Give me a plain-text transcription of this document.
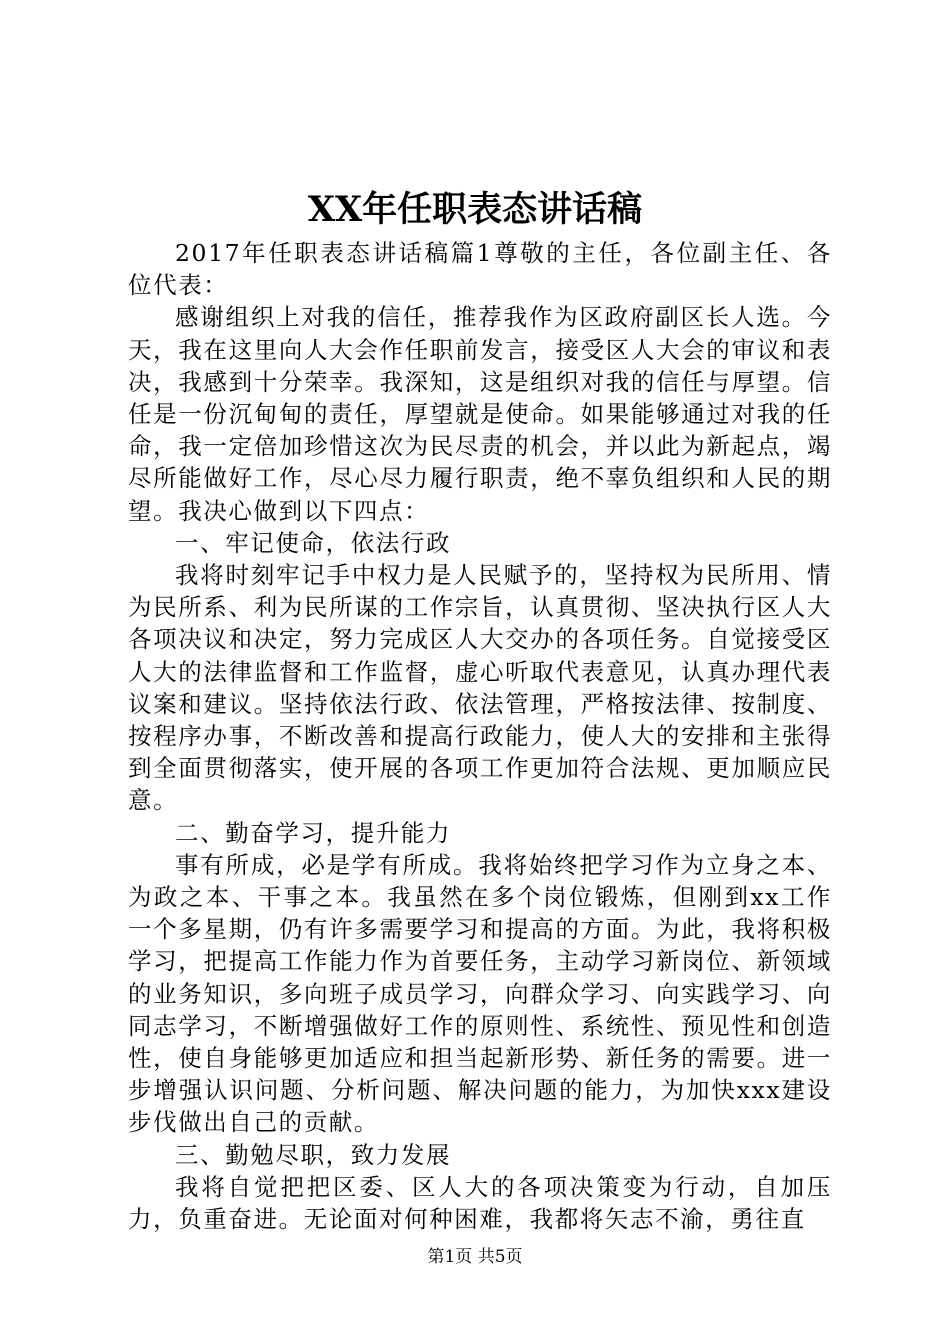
XX年任职表态讲话稿

2017年任职表态讲话稿篇1尊敬的主任，各位副主任、各位代表：

感谢组织上对我的信任，推荐我作为区政府副区长人选。今天，我在这里向人大会作任职前发言，接受区人大会的审议和表决，我感到十分荣幸。我深知，这是组织对我的信任与厚望。信任是一份沉甸甸的责任，厚望就是使命。如果能够通过对我的任命，我一定倍加珍惜这次为民尽责的机会，并以此为新起点，竭尽所能做好工作，尽心尽力履行职责，绝不辜负组织和人民的期望。我决心做到以下四点：

一、牢记使命，依法行政

我将时刻牢记手中权力是人民赋予的，坚持权为民所用、情为民所系、利为民所谋的工作宗旨，认真贯彻、坚决执行区人大各项决议和决定，努力完成区人大交办的各项任务。自觉接受区人大的法律监督和工作监督，虚心听取代表意见，认真办理代表议案和建议。坚持依法行政、依法管理，严格按法律、按制度、按程序办事，不断改善和提高行政能力，使人大的安排和主张得到全面贯彻落实，使开展的各项工作更加符合法规、更加顺应民意。

二、勤奋学习，提升能力

事有所成，必是学有所成。我将始终把学习作为立身之本、为政之本、干事之本。我虽然在多个岗位锻炼，但刚到xx工作一个多星期，仍有许多需要学习和提高的方面。为此，我将积极学习，把提高工作能力作为首要任务，主动学习新岗位、新领域的业务知识，多向班子成员学习，向群众学习、向实践学习、向同志学习，不断增强做好工作的原则性、系统性、预见性和创造性，使自身能够更加适应和担当起新形势、新任务的需要。进一步增强认识问题、分析问题、解决问题的能力，为加快xxx建设步伐做出自己的贡献。

三、勤勉尽职，致力发展

我将自觉把把区委、区人大的各项决策变为行动，自加压力，负重奋进。无论面对何种困难，我都将矢志不渝，勇往直

第1页 共5页
